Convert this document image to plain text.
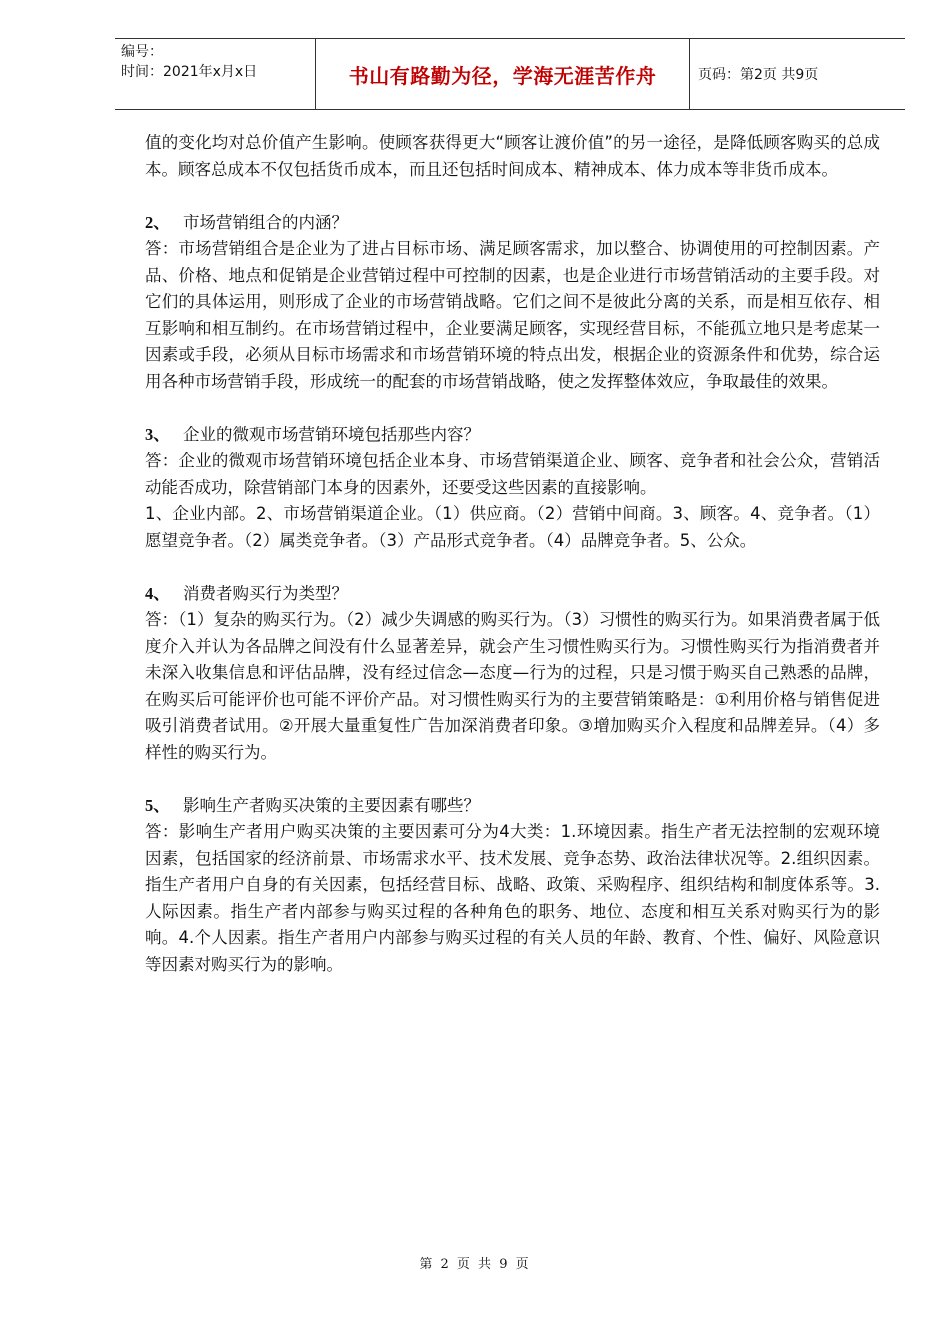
编号：
时间：2021年x月x日	书山有路勤为径，学海无涯苦作舟	页码：第2页 共9页

值的变化均对总价值产生影响。使顾客获得更大“顾客让渡价值”的另一途径，是降低顾客购买的总成本。顾客总成本不仅包括货币成本，而且还包括时间成本、精神成本、体力成本等非货币成本。

2、 市场营销组合的内涵？

答：市场营销组合是企业为了进占目标市场、满足顾客需求，加以整合、协调使用的可控制因素。产品、价格、地点和促销是企业营销过程中可控制的因素，也是企业进行市场营销活动的主要手段。对它们的具体运用，则形成了企业的市场营销战略。它们之间不是彼此分离的关系，而是相互依存、相互影响和相互制约。在市场营销过程中，企业要满足顾客，实现经营目标，不能孤立地只是考虑某一因素或手段，必须从目标市场需求和市场营销环境的特点出发，根据企业的资源条件和优势，综合运用各种市场营销手段，形成统一的配套的市场营销战略，使之发挥整体效应，争取最佳的效果。

3、 企业的微观市场营销环境包括那些内容？

答：企业的微观市场营销环境包括企业本身、市场营销渠道企业、顾客、竞争者和社会公众，营销活动能否成功，除营销部门本身的因素外，还要受这些因素的直接影响。

1、企业内部。2、市场营销渠道企业。（1）供应商。（2）营销中间商。3、顾客。4、竞争者。（1）愿望竞争者。（2）属类竞争者。（3）产品形式竞争者。（4）品牌竞争者。5、公众。

4、 消费者购买行为类型？

答：（1）复杂的购买行为。（2）减少失调感的购买行为。（3）习惯性的购买行为。如果消费者属于低度介入并认为各品牌之间没有什么显著差异，就会产生习惯性购买行为。习惯性购买行为指消费者并未深入收集信息和评估品牌，没有经过信念—态度—行为的过程，只是习惯于购买自己熟悉的品牌，在购买后可能评价也可能不评价产品。对习惯性购买行为的主要营销策略是：①利用价格与销售促进吸引消费者试用。②开展大量重复性广告加深消费者印象。③增加购买介入程度和品牌差异。（4）多样性的购买行为。

5、 影响生产者购买决策的主要因素有哪些？

答：影响生产者用户购买决策的主要因素可分为4大类：1.环境因素。指生产者无法控制的宏观环境因素，包括国家的经济前景、市场需求水平、技术发展、竞争态势、政治法律状况等。2.组织因素。指生产者用户自身的有关因素，包括经营目标、战略、政策、采购程序、组织结构和制度体系等。3.人际因素。指生产者内部参与购买过程的各种角色的职务、地位、态度和相互关系对购买行为的影响。4.个人因素。指生产者用户内部参与购买过程的有关人员的年龄、教育、个性、偏好、风险意识等因素对购买行为的影响。

第 2 页 共 9 页
